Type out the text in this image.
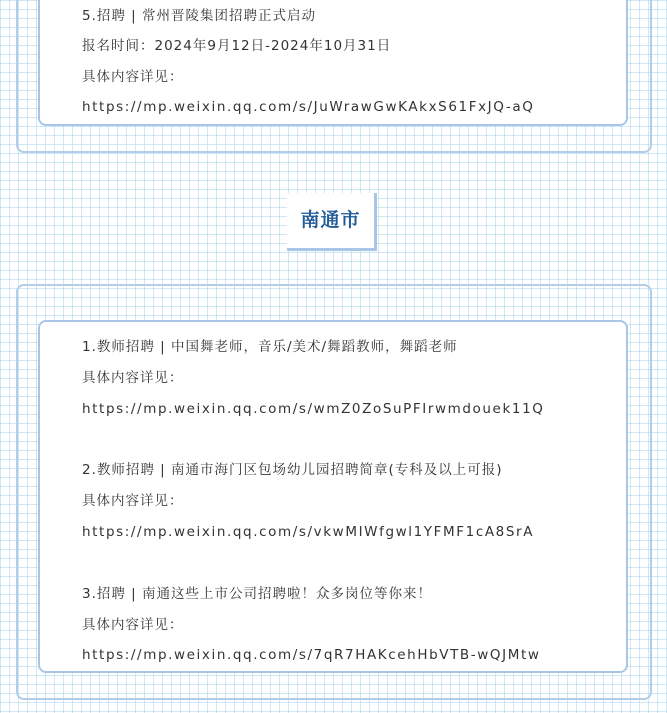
5.招聘 | 常州晋陵集团招聘正式启动
报名时间：2024年9月12日-2024年10月31日
具体内容详见：
https://mp.weixin.qq.com/s/JuWrawGwKAkxS61FxJQ-aQ
南通市
1.教师招聘 | 中国舞老师，音乐/美术/舞蹈教师，舞蹈老师
具体内容详见：
https://mp.weixin.qq.com/s/wmZ0ZoSuPFIrwmdouek11Q
2.教师招聘 | 南通市海门区包场幼儿园招聘简章(专科及以上可报)
具体内容详见：
https://mp.weixin.qq.com/s/vkwMIWfgwl1YFMF1cA8SrA
3.招聘 | 南通这些上市公司招聘啦！众多岗位等你来！
具体内容详见：
https://mp.weixin.qq.com/s/7qR7HAKcehHbVTB-wQJMtw
